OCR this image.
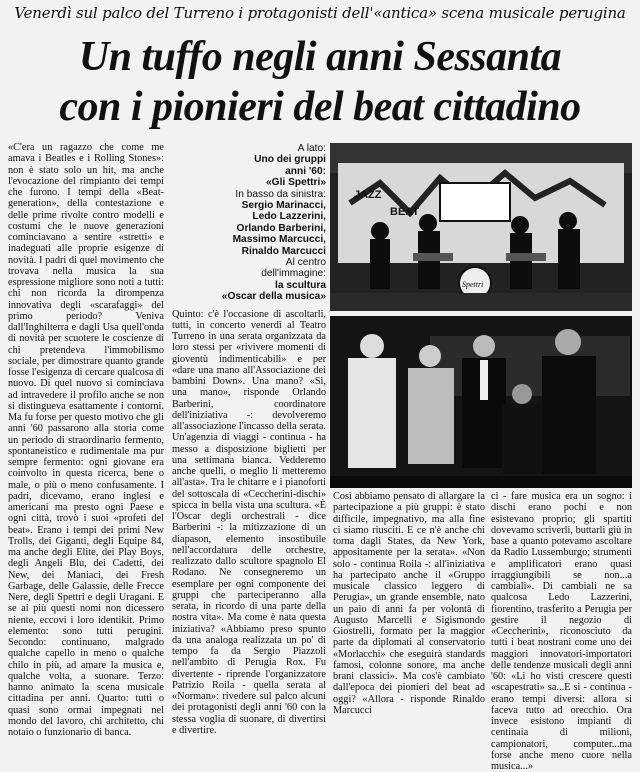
Venerdì sul palco del Turreno i protagonisti dell'«antica» scena musicale perugina
Un tuffo negli anni Sessanta
con i pionieri del beat cittadino

«C'era un ragazzo che come me amava i Beatles e i Rolling Stones»: non è stato solo un hit, ma anche l'evocazione del rimpianto dei tempi che furono. I tempi della «Beat-generation», della contestazione e delle prime rivolte contro modelli e costumi che le nuove generazioni cominciavano a sentire «stretti» e inadeguati alle proprie esigenze di novità. I padri di quel movimento che trovava nella musica la sua espressione migliore sono noti a tutti: chi non ricorda la dirompenza innovativa degli «scarafaggi» del primo periodo? Veniva dall'Inghilterra e dagli Usa quell'onda di novità per scuotere le coscienze di chi pretendeva l'immobilismo sociale, per dimostrare quanto grande fosse l'esigenza di cercare qualcosa di nuovo. Di quel nuovo si cominciava ad intravedere il profilo anche se non si distingueva esattamente i contorni. Ma fu forse per questo motivo che gli anni '60 passarono alla storia come un periodo di straordinario fermento, spontaneistico e rudimentale ma pur sempre fermento: ogni giovane era coinvolto in questa ricerca, bene o male, o più o meno confusamente. I padri, dicevamo, erano inglesi e americani ma presto ogni Paese e ogni città, trovò i suoi «profeti del beat». Erano i tempi dei primi New Trolls, dei Giganti, degli Equipe 84, ma anche degli Elite, dei Play Boys, degli Angeli Blu, dei Cadetti, dei New, dei Maniaci, dei Fresh Garbage, delle Galassie, delle Frecce Nere, degli Spettri e degli Uragani. E se ai più questi nomi non dicessero niente, eccovi i loro identikit. Primo elemento: sono tutti perugini. Secondo: continuano, malgrado qualche capello in meno o qualche chilo in più, ad amare la musica e, qualche volta, a suonare. Terzo: hanno animato la scena musicale cittadina per anni. Quarto: tutti o quasi sono ormai impegnati nel mondo del lavoro, chi architetto, chi notaio o funzionario di banca.

A lato:
Uno dei gruppi
anni '60:
«Gli Spettri»
In basso da sinistra:
Sergio Marinacci,
Ledo Lazzerini,
Orlando Barberini,
Massimo Marcucci,
Rinaldo Marcucci
Al centro
dell'immagine:
la scultura
«Oscar della musica»

Quinto: c'è l'occasione di ascoltarli, tutti, in concerto venerdì al Teatro Turreno in una serata organizzata da loro stessi per «rivivere momenti di gioventù indimenticabili» e per «dare una mano all'Associazione dei bambini Down». Una mano? «Sì, una mano», risponde Orlando Barberini, coordinatore dell'iniziativa -: devolveremo all'associazione l'incasso della serata. Un'agenzia di viaggi - continua - ha messo a disposizione biglietti per una settimana bianca. Vedderemo anche quelli, o meglio li metteremo all'asta». Tra le chitarre e i pianoforti del sottoscala di «Ceccherini-dischi» spicca in bella vista una scultura. «È l'Oscar degli orchestrali - dice Barberini -: la mitizzazione di un diapason, elemento insostibuile nell'accordatura delle orchestre, realizzato dallo scultore spagnolo El Rodano. Ne consegneremo un esemplare per ogni componente dei gruppi che parteciperanno alla serata, in ricordo di una parte della nostra vita». Ma come è nata questa iniziativa? «Abbiamo preso spunto da una analoga realizzata un po' di tempo fa da Sergio Piazzoli nell'ambito di Perugia Rox. Fu divertente - riprende l'organizzatore Patrizio Roila - quella serata al «Norman»: rivedere sul palco alcuni dei protagonisti degli anni '60 con la stessa voglia di suonare, di divertirsi e divertire.

JAZZ
BEAT
Spettri

Così abbiamo pensato di allargare la partecipazione a più gruppi: è stato difficile, impegnativo, ma alla fine ci siamo riusciti. E ce n'è anche chi torna dagli States, da New York, appositamente per la serata». «Non solo - continua Roila -: all'iniziativa ha partecipato anche il «Gruppo musicale classico leggero di Perugia», un grande ensemble, nato un paio di anni fa per volontà di Augusto Marcelli e Sigismondo Giostrelli, formato per la maggior parte da diplomati al conservatorio «Morlacchi» che eseguirà standards famosi, colonne sonore, ma anche brani classici». Ma cos'è cambiato dall'epoca dei pionieri del beat ad oggi? «Allora - risponde Rinaldo Marcucci

ci - fare musica era un sogno: i dischi erano pochi e non esistevano proprio; gli spartiti dovevamo scriverli, buttarli giù in base a quanto potevamo ascoltare da Radio Lussemburgo; strumenti e amplificatori erano quasi irraggiungibili se non...a cambiali». Di cambiali ne sa qualcosa Ledo Lazzerini, fiorentino, trasferito a Perugia per gestire il negozio di «Ceccherini», riconosciuto da tutti i beat nostrani come uno dei maggiori innovatori-importatori delle tendenze musicali degli anni '60: «Li ho visti crescere questi «scapestrati» sa...E si - continua - erano tempi diversi: allora si faceva tutto ad orecchio. Ora invece esistono impianti di centinaia di milioni, campionatori, computer...ma forse anche meno cuore nella musica...»
